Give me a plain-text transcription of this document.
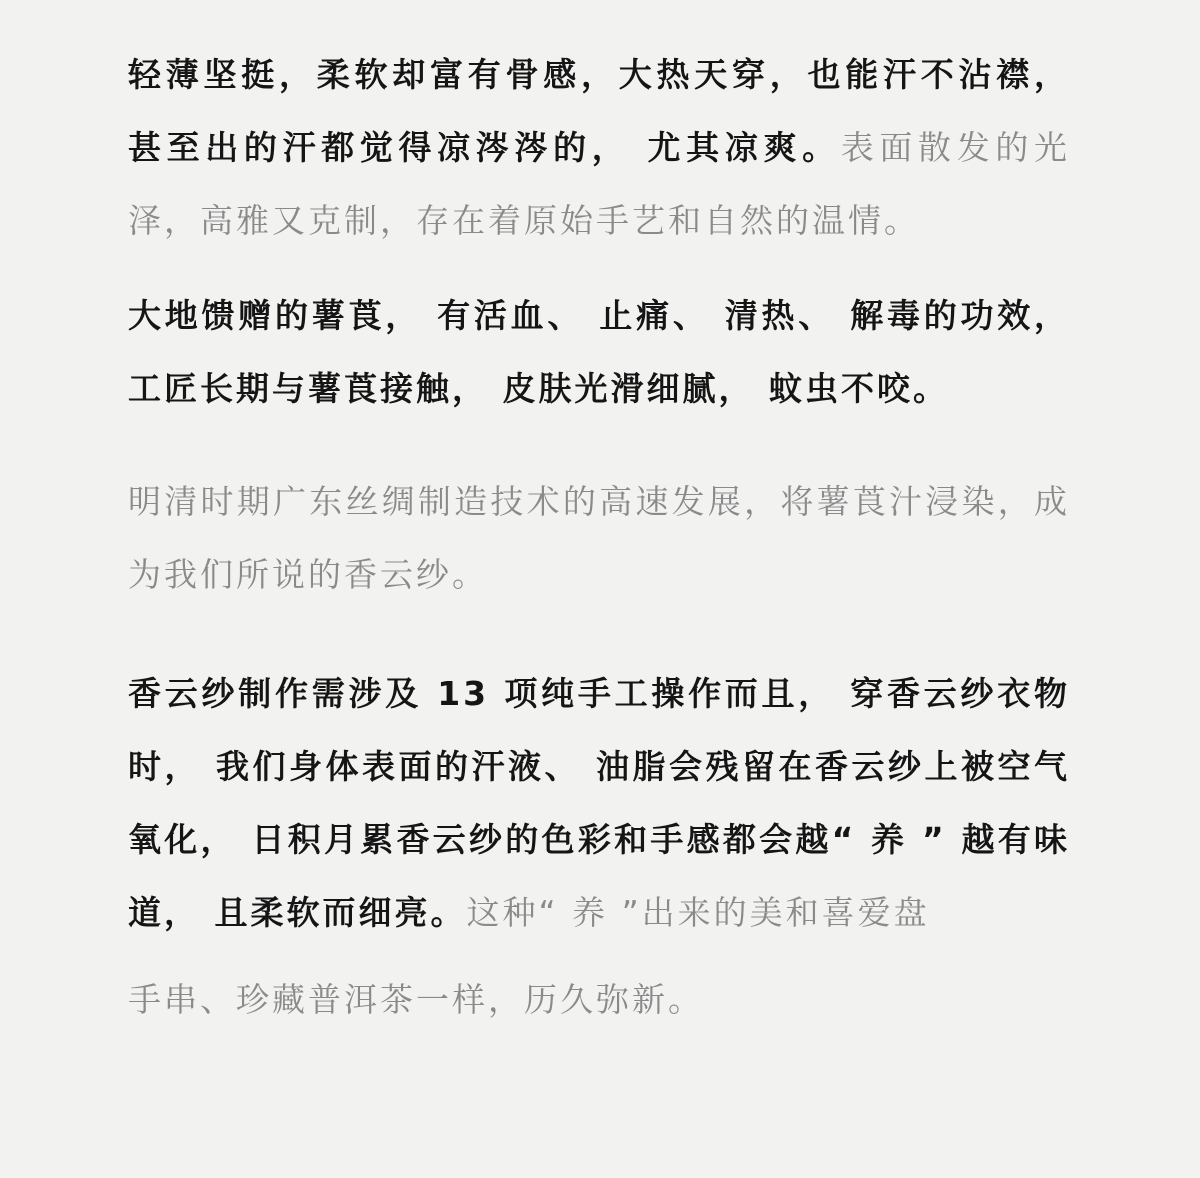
轻薄坚挺，柔软却富有骨感，大热天穿，也能汗不沾襟， 甚至出的汗都觉得凉涔涔的， 尤其凉爽。表面散发的光泽，高雅又克制，存在着原始手艺和自然的温情。

大地馈赠的薯莨， 有活血、 止痛、 清热、 解毒的功效， 工匠长期与薯莨接触， 皮肤光滑细腻， 蚊虫不咬。

明清时期广东丝绸制造技术的高速发展，将薯莨汁浸染，成为我们所说的香云纱。

香云纱制作需涉及 13 项纯手工操作而且， 穿香云纱衣物时， 我们身体表面的汗液、 油脂会残留在香云纱上被空气氧化， 日积月累香云纱的色彩和手感都会越“ 养 ” 越有味道， 且柔软而细亮。这种“ 养 ”出来的美和喜爱盘

手串、珍藏普洱茶一样，历久弥新。
